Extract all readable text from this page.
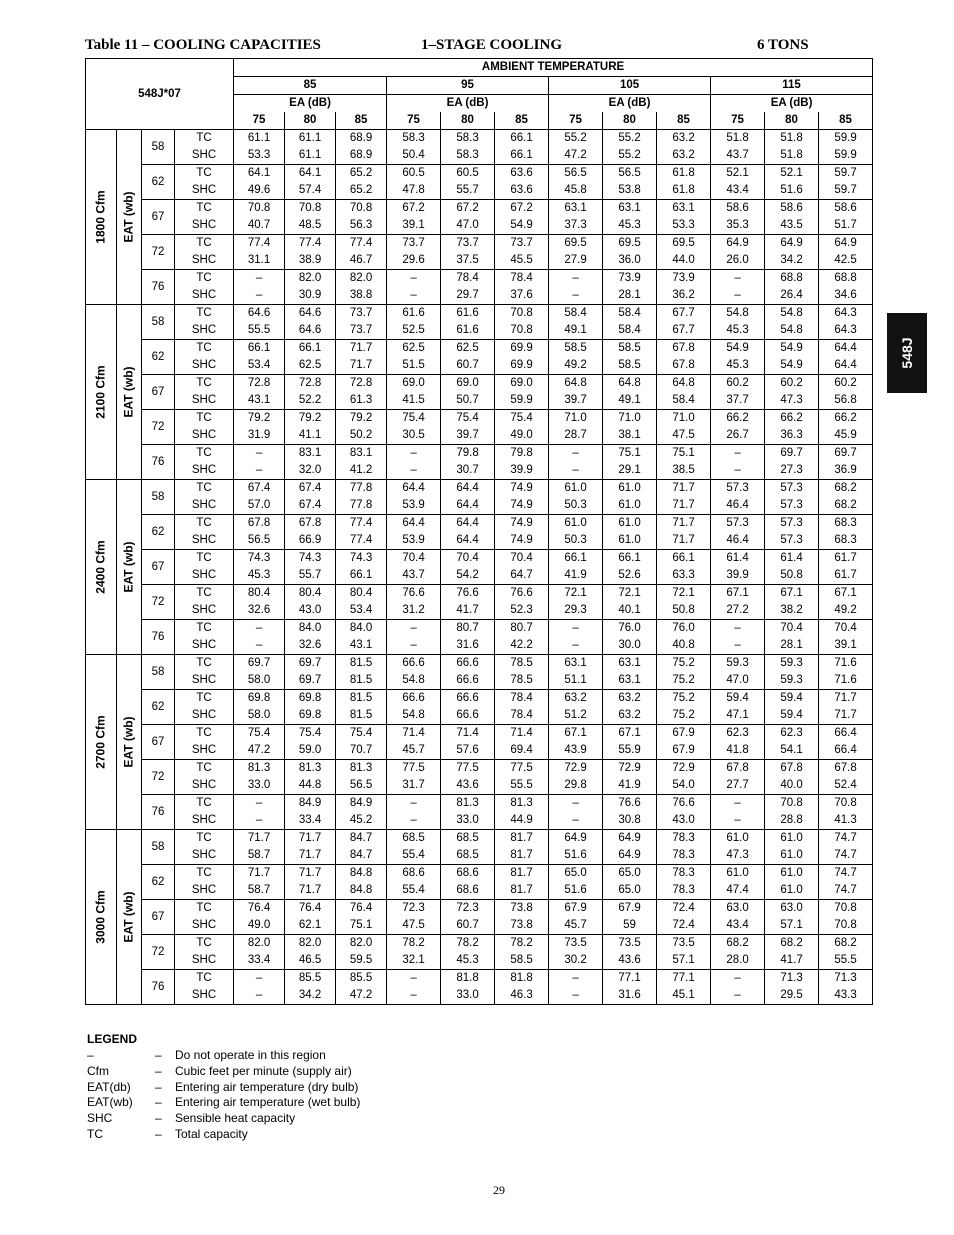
Table 11 – COOLING CAPACITIES	1–STAGE COOLING	6 TONS
548J*07				AMBIENT TEMPERATURE											
				85			95			105			115		
				EA (dB)			EA (dB)			EA (dB)			EA (dB)		
				75	80	85	75	80	85	75	80	85	75	80	85

1800 Cfm	EAT (wb)	58	TC	61.1	61.1	68.9	58.3	58.3	66.1	55.2	55.2	63.2	51.8	51.8	59.9
			SHC	53.3	61.1	68.9	50.4	58.3	66.1	47.2	55.2	63.2	43.7	51.8	59.9
		62	TC	64.1	64.1	65.2	60.5	60.5	63.6	56.5	56.5	61.8	52.1	52.1	59.7
			SHC	49.6	57.4	65.2	47.8	55.7	63.6	45.8	53.8	61.8	43.4	51.6	59.7
		67	TC	70.8	70.8	70.8	67.2	67.2	67.2	63.1	63.1	63.1	58.6	58.6	58.6
			SHC	40.7	48.5	56.3	39.1	47.0	54.9	37.3	45.3	53.3	35.3	43.5	51.7
		72	TC	77.4	77.4	77.4	73.7	73.7	73.7	69.5	69.5	69.5	64.9	64.9	64.9
			SHC	31.1	38.9	46.7	29.6	37.5	45.5	27.9	36.0	44.0	26.0	34.2	42.5
		76	TC	–	82.0	82.0	–	78.4	78.4	–	73.9	73.9	–	68.8	68.8
			SHC	–	30.9	38.8	–	29.7	37.6	–	28.1	36.2	–	26.4	34.6

2100 Cfm	EAT (wb)	58	TC	64.6	64.6	73.7	61.6	61.6	70.8	58.4	58.4	67.7	54.8	54.8	64.3
			SHC	55.5	64.6	73.7	52.5	61.6	70.8	49.1	58.4	67.7	45.3	54.8	64.3
		62	TC	66.1	66.1	71.7	62.5	62.5	69.9	58.5	58.5	67.8	54.9	54.9	64.4
			SHC	53.4	62.5	71.7	51.5	60.7	69.9	49.2	58.5	67.8	45.3	54.9	64.4
		67	TC	72.8	72.8	72.8	69.0	69.0	69.0	64.8	64.8	64.8	60.2	60.2	60.2
			SHC	43.1	52.2	61.3	41.5	50.7	59.9	39.7	49.1	58.4	37.7	47.3	56.8
		72	TC	79.2	79.2	79.2	75.4	75.4	75.4	71.0	71.0	71.0	66.2	66.2	66.2
			SHC	31.9	41.1	50.2	30.5	39.7	49.0	28.7	38.1	47.5	26.7	36.3	45.9
		76	TC	–	83.1	83.1	–	79.8	79.8	–	75.1	75.1	–	69.7	69.7
			SHC	–	32.0	41.2	–	30.7	39.9	–	29.1	38.5	–	27.3	36.9

2400 Cfm	EAT (wb)	58	TC	67.4	67.4	77.8	64.4	64.4	74.9	61.0	61.0	71.7	57.3	57.3	68.2
			SHC	57.0	67.4	77.8	53.9	64.4	74.9	50.3	61.0	71.7	46.4	57.3	68.2
		62	TC	67.8	67.8	77.4	64.4	64.4	74.9	61.0	61.0	71.7	57.3	57.3	68.3
			SHC	56.5	66.9	77.4	53.9	64.4	74.9	50.3	61.0	71.7	46.4	57.3	68.3
		67	TC	74.3	74.3	74.3	70.4	70.4	70.4	66.1	66.1	66.1	61.4	61.4	61.7
			SHC	45.3	55.7	66.1	43.7	54.2	64.7	41.9	52.6	63.3	39.9	50.8	61.7
		72	TC	80.4	80.4	80.4	76.6	76.6	76.6	72.1	72.1	72.1	67.1	67.1	67.1
			SHC	32.6	43.0	53.4	31.2	41.7	52.3	29.3	40.1	50.8	27.2	38.2	49.2
		76	TC	–	84.0	84.0	–	80.7	80.7	–	76.0	76.0	–	70.4	70.4
			SHC	–	32.6	43.1	–	31.6	42.2	–	30.0	40.8	–	28.1	39.1

2700 Cfm	EAT (wb)	58	TC	69.7	69.7	81.5	66.6	66.6	78.5	63.1	63.1	75.2	59.3	59.3	71.6
			SHC	58.0	69.7	81.5	54.8	66.6	78.5	51.1	63.1	75.2	47.0	59.3	71.6
		62	TC	69.8	69.8	81.5	66.6	66.6	78.4	63.2	63.2	75.2	59.4	59.4	71.7
			SHC	58.0	69.8	81.5	54.8	66.6	78.4	51.2	63.2	75.2	47.1	59.4	71.7
		67	TC	75.4	75.4	75.4	71.4	71.4	71.4	67.1	67.1	67.9	62.3	62.3	66.4
			SHC	47.2	59.0	70.7	45.7	57.6	69.4	43.9	55.9	67.9	41.8	54.1	66.4
		72	TC	81.3	81.3	81.3	77.5	77.5	77.5	72.9	72.9	72.9	67.8	67.8	67.8
			SHC	33.0	44.8	56.5	31.7	43.6	55.5	29.8	41.9	54.0	27.7	40.0	52.4
		76	TC	–	84.9	84.9	–	81.3	81.3	–	76.6	76.6	–	70.8	70.8
			SHC	–	33.4	45.2	–	33.0	44.9	–	30.8	43.0	–	28.8	41.3

3000 Cfm	EAT (wb)	58	TC	71.7	71.7	84.7	68.5	68.5	81.7	64.9	64.9	78.3	61.0	61.0	74.7
			SHC	58.7	71.7	84.7	55.4	68.5	81.7	51.6	64.9	78.3	47.3	61.0	74.7
		62	TC	71.7	71.7	84.8	68.6	68.6	81.7	65.0	65.0	78.3	61.0	61.0	74.7
			SHC	58.7	71.7	84.8	55.4	68.6	81.7	51.6	65.0	78.3	47.4	61.0	74.7
		67	TC	76.4	76.4	76.4	72.3	72.3	73.8	67.9	67.9	72.4	63.0	63.0	70.8
			SHC	49.0	62.1	75.1	47.5	60.7	73.8	45.7	59	72.4	43.4	57.1	70.8
		72	TC	82.0	82.0	82.0	78.2	78.2	78.2	73.5	73.5	73.5	68.2	68.2	68.2
			SHC	33.4	46.5	59.5	32.1	45.3	58.5	30.2	43.6	57.1	28.0	41.7	55.5
		76	TC	–	85.5	85.5	–	81.8	81.8	–	77.1	77.1	–	71.3	71.3
			SHC	–	34.2	47.2	–	33.0	46.3	–	31.6	45.1	–	29.5	43.3
548J
LEGEND
–	– Do not operate in this region
Cfm	– Cubic feet per minute (supply air)
EAT(db) – Entering air temperature (dry bulb)
EAT(wb) – Entering air temperature (wet bulb)
SHC	– Sensible heat capacity
TC	– Total capacity
29
